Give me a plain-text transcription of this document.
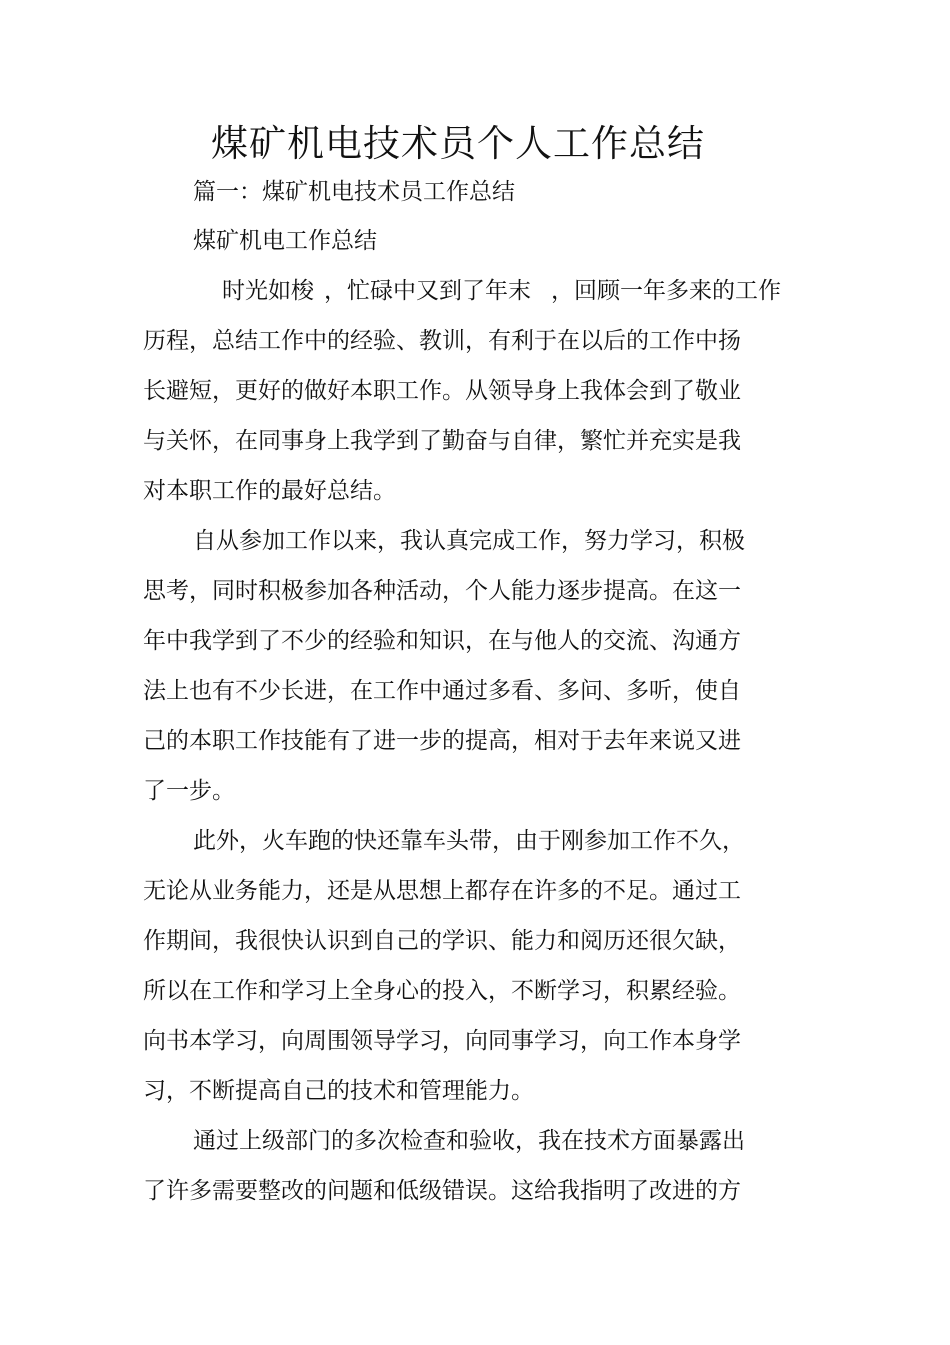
煤矿机电技术员个人工作总结
篇一：煤矿机电技术员工作总结
煤矿机电工作总结
时光如梭 ，忙碌中又到了年末 ，回顾一年多来的工作
历程，总结工作中的经验、教训，有利于在以后的工作中扬
长避短，更好的做好本职工作。从领导身上我体会到了敬业
与关怀，在同事身上我学到了勤奋与自律，繁忙并充实是我
对本职工作的最好总结。
自从参加工作以来，我认真完成工作，努力学习，积极
思考，同时积极参加各种活动，个人能力逐步提高。在这一
年中我学到了不少的经验和知识，在与他人的交流、沟通方
法上也有不少长进，在工作中通过多看、多问、多听，使自
己的本职工作技能有了进一步的提高，相对于去年来说又进
了一步。
此外，火车跑的快还靠车头带，由于刚参加工作不久，
无论从业务能力，还是从思想上都存在许多的不足。通过工
作期间，我很快认识到自己的学识、能力和阅历还很欠缺，
所以在工作和学习上全身心的投入，不断学习，积累经验。
向书本学习，向周围领导学习，向同事学习，向工作本身学
习，不断提高自己的技术和管理能力。
通过上级部门的多次检查和验收，我在技术方面暴露出
了许多需要整改的问题和低级错误。这给我指明了改进的方
